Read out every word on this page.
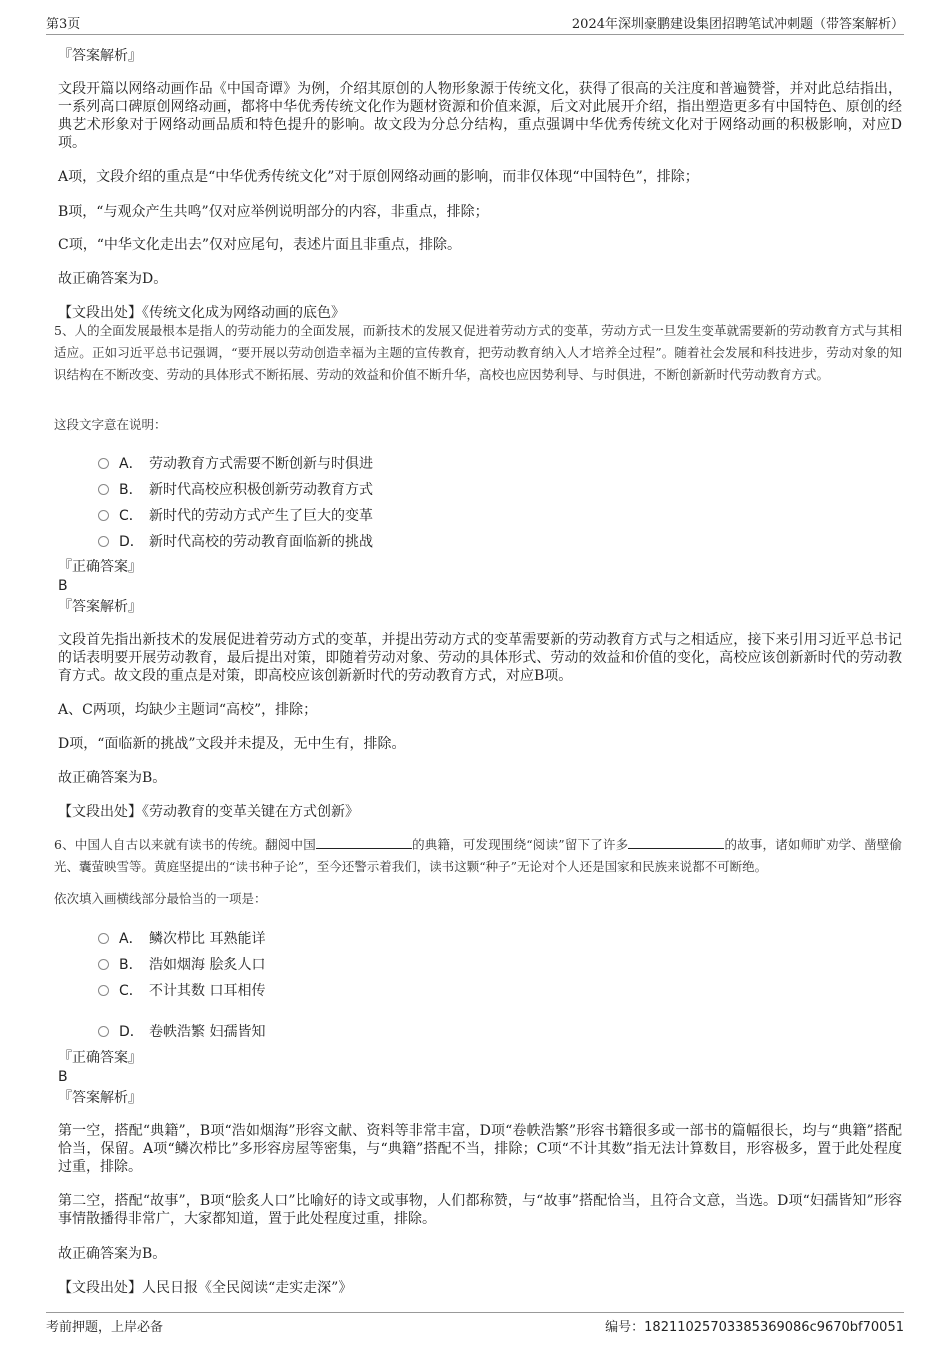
第3页	2024年深圳豪鹏建设集团招聘笔试冲刺题（带答案解析）
『答案解析』
文段开篇以网络动画作品《中国奇谭》为例，介绍其原创的人物形象源于传统文化，获得了很高的关注度和普遍赞誉，并对此总结指出，一系列高口碑原创网络动画，都将中华优秀传统文化作为题材资源和价值来源，后文对此展开介绍，指出塑造更多有中国特色、原创的经典艺术形象对于网络动画品质和特色提升的影响。故文段为分总分结构，重点强调中华优秀传统文化对于网络动画的积极影响，对应D项。
A项，文段介绍的重点是“中华优秀传统文化”对于原创网络动画的影响，而非仅体现“中国特色”，排除；
B项，“与观众产生共鸣”仅对应举例说明部分的内容，非重点，排除；
C项，“中华文化走出去”仅对应尾句，表述片面且非重点，排除。
故正确答案为D。
【文段出处】《传统文化成为网络动画的底色》
5、人的全面发展最根本是指人的劳动能力的全面发展，而新技术的发展又促进着劳动方式的变革，劳动方式一旦发生变革就需要新的劳动教育方式与其相适应。正如习近平总书记强调，“要开展以劳动创造幸福为主题的宣传教育，把劳动教育纳入人才培养全过程”。随着社会发展和科技进步，劳动对象的知识结构在不断改变、劳动的具体形式不断拓展、劳动的效益和价值不断升华，高校也应因势利导、与时俱进，不断创新新时代劳动教育方式。
这段文字意在说明：
A． 劳动教育方式需要不断创新与时俱进
B． 新时代高校应积极创新劳动教育方式
C． 新时代的劳动方式产生了巨大的变革
D． 新时代高校的劳动教育面临新的挑战
『正确答案』
B
『答案解析』
文段首先指出新技术的发展促进着劳动方式的变革，并提出劳动方式的变革需要新的劳动教育方式与之相适应，接下来引用习近平总书记的话表明要开展劳动教育，最后提出对策，即随着劳动对象、劳动的具体形式、劳动的效益和价值的变化，高校应该创新新时代的劳动教育方式。故文段的重点是对策，即高校应该创新新时代的劳动教育方式，对应B项。
A、C两项，均缺少主题词“高校”，排除；
D项，“面临新的挑战”文段并未提及，无中生有，排除。
故正确答案为B。
【文段出处】《劳动教育的变革关键在方式创新》
6、中国人自古以来就有读书的传统。翻阅中国	的典籍，可发现围绕“阅读”留下了许多	的故事，诸如师旷劝学、凿壁偷光、囊萤映雪等。黄庭坚提出的“读书种子论”，至今还警示着我们，读书这颗“种子”无论对个人还是国家和民族来说都不可断绝。
依次填入画横线部分最恰当的一项是：
A． 鳞次栉比 耳熟能详
B． 浩如烟海 脍炙人口
C． 不计其数 口耳相传
D． 卷帙浩繁 妇孺皆知
『正确答案』
B
『答案解析』
第一空，搭配“典籍”，B项“浩如烟海”形容文献、资料等非常丰富，D项“卷帙浩繁”形容书籍很多或一部书的篇幅很长，均与“典籍”搭配恰当，保留。A项“鳞次栉比”多形容房屋等密集，与“典籍”搭配不当，排除；C项“不计其数”指无法计算数目，形容极多，置于此处程度过重，排除。
第二空，搭配“故事”，B项“脍炙人口”比喻好的诗文或事物，人们都称赞，与“故事”搭配恰当，且符合文意，当选。D项“妇孺皆知”形容事情散播得非常广，大家都知道，置于此处程度过重，排除。
故正确答案为B。
【文段出处】人民日报《全民阅读“走实走深”》
考前押题，上岸必备	编号：18211025703385369086c9670bf70051
